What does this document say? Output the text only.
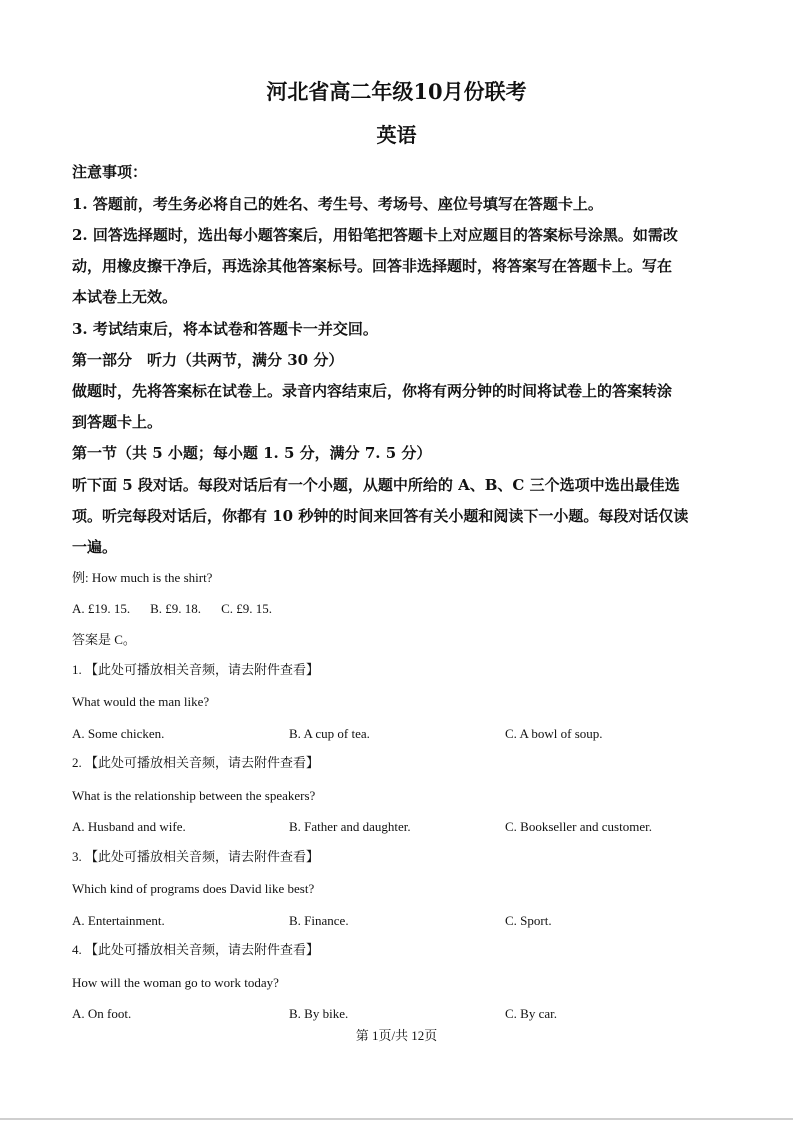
河北省高二年级10月份联考
英语
注意事项：
1. 答题前，考生务必将自己的姓名、考生号、考场号、座位号填写在答题卡上。
2. 回答选择题时，选出每小题答案后，用铅笔把答题卡上对应题目的答案标号涂黑。如需改
动，用橡皮擦干净后，再选涂其他答案标号。回答非选择题时，将答案写在答题卡上。写在
本试卷上无效。
3. 考试结束后，将本试卷和答题卡一并交回。
第一部分　听力（共两节，满分 30 分）
做题时，先将答案标在试卷上。录音内容结束后，你将有两分钟的时间将试卷上的答案转涂
到答题卡上。
第一节（共 5 小题；每小题 1. 5 分，满分 7. 5 分）
听下面 5 段对话。每段对话后有一个小题，从题中所给的 A、B、C 三个选项中选出最佳选
项。听完每段对话后，你都有 10 秒钟的时间来回答有关小题和阅读下一小题。每段对话仅读
一遍。
例: How much is the shirt?
A. £19. 15. B. £9. 18. C. £9. 15.
答案是 C。
1. 【此处可播放相关音频，请去附件查看】
What would the man like?
A. Some chicken.	B. A cup of tea.	C. A bowl of soup.
2. 【此处可播放相关音频，请去附件查看】
What is the relationship between the speakers?
A. Husband and wife.	B. Father and daughter.	C. Bookseller and customer.
3. 【此处可播放相关音频，请去附件查看】
Which kind of programs does David like best?
A. Entertainment.	B. Finance.	C. Sport.
4. 【此处可播放相关音频，请去附件查看】
How will the woman go to work today?
A. On foot.	B. By bike.	C. By car.
第 1页/共 12页
